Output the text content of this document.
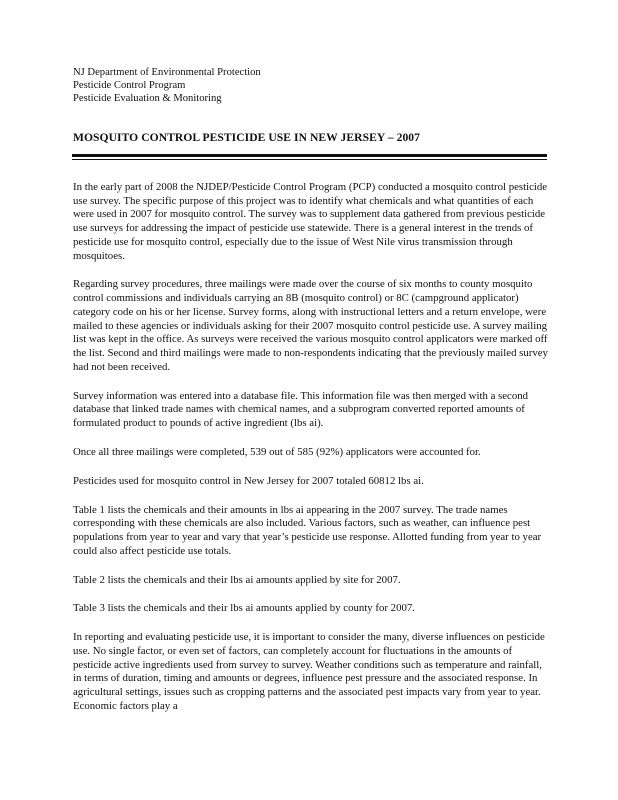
NJ Department of Environmental Protection
Pesticide Control Program
Pesticide Evaluation & Monitoring
MOSQUITO CONTROL PESTICIDE USE IN NEW JERSEY – 2007

In the early part of 2008 the NJDEP/Pesticide Control Program (PCP) conducted a mosquito control pesticide use survey. The specific purpose of this project was to identify what chemicals and what quantities of each were used in 2007 for mosquito control. The survey was to supplement data gathered from previous pesticide use surveys for addressing the impact of pesticide use statewide. There is a general interest in the trends of pesticide use for mosquito control, especially due to the issue of West Nile virus transmission through mosquitoes.

Regarding survey procedures, three mailings were made over the course of six months to county mosquito control commissions and individuals carrying an 8B (mosquito control) or 8C (campground applicator) category code on his or her license. Survey forms, along with instructional letters and a return envelope, were mailed to these agencies or individuals asking for their 2007 mosquito control pesticide use. A survey mailing list was kept in the office. As surveys were received the various mosquito control applicators were marked off the list. Second and third mailings were made to non-respondents indicating that the previously mailed survey had not been received.

Survey information was entered into a database file. This information file was then merged with a second database that linked trade names with chemical names, and a subprogram converted reported amounts of formulated product to pounds of active ingredient (lbs ai).

Once all three mailings were completed, 539 out of 585 (92%) applicators were accounted for.

Pesticides used for mosquito control in New Jersey for 2007 totaled 60812 lbs ai.

Table 1 lists the chemicals and their amounts in lbs ai appearing in the 2007 survey. The trade names corresponding with these chemicals are also included. Various factors, such as weather, can influence pest populations from year to year and vary that year’s pesticide use response. Allotted funding from year to year could also affect pesticide use totals.

Table 2 lists the chemicals and their lbs ai amounts applied by site for 2007.

Table 3 lists the chemicals and their lbs ai amounts applied by county for 2007.

In reporting and evaluating pesticide use, it is important to consider the many, diverse influences on pesticide use. No single factor, or even set of factors, can completely account for fluctuations in the amounts of pesticide active ingredients used from survey to survey. Weather conditions such as temperature and rainfall, in terms of duration, timing and amounts or degrees, influence pest pressure and the associated response. In agricultural settings, issues such as cropping patterns and the associated pest impacts vary from year to year. Economic factors play a
